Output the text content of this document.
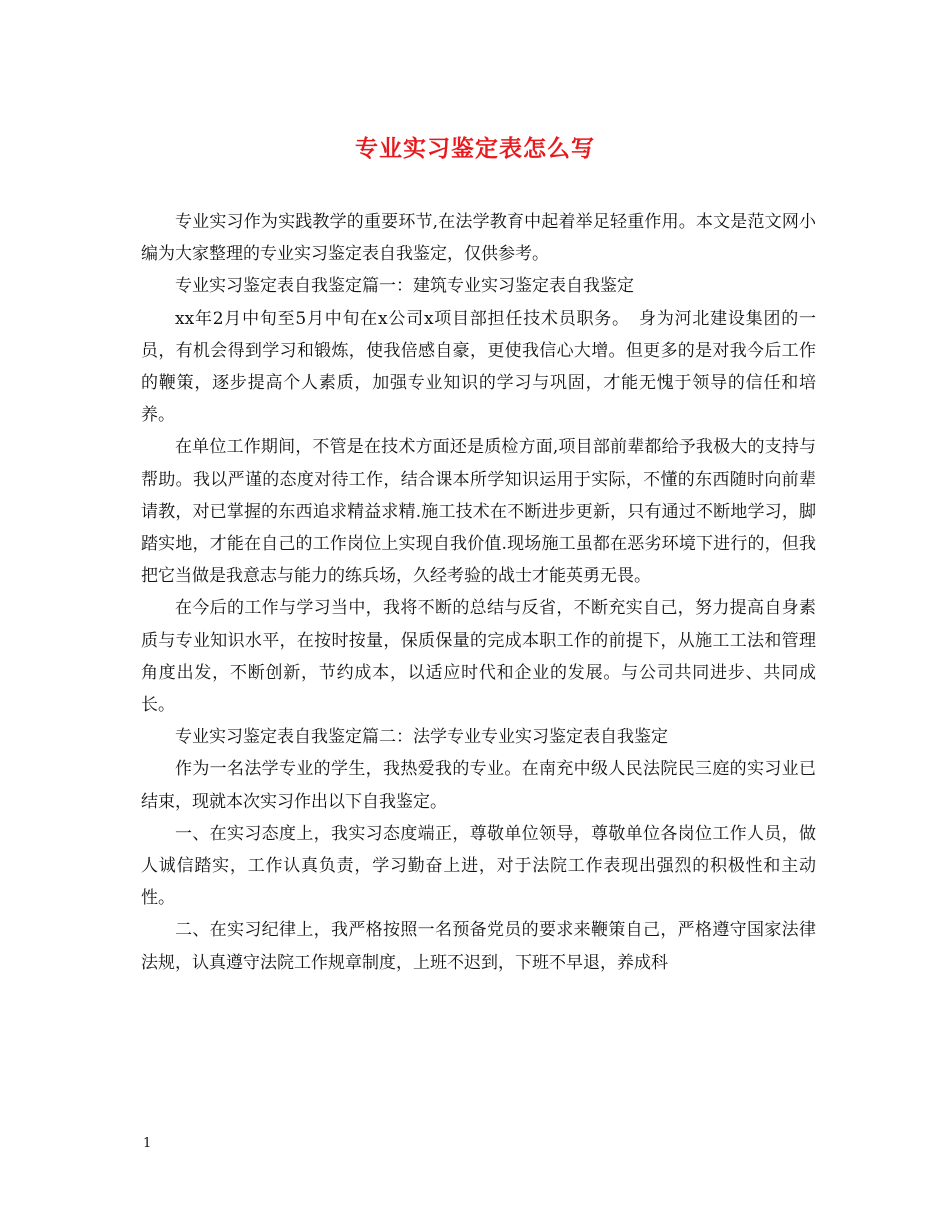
专业实习鉴定表怎么写

专业实习作为实践教学的重要环节,在法学教育中起着举足轻重作用。本文是范文网小编为大家整理的专业实习鉴定表自我鉴定，仅供参考。

专业实习鉴定表自我鉴定篇一：建筑专业实习鉴定表自我鉴定

xx年2月中旬至5月中旬在x公司x项目部担任技术员职务。　身为河北建设集团的一员，有机会得到学习和锻炼，使我倍感自豪，更使我信心大增。但更多的是对我今后工作的鞭策，逐步提高个人素质，加强专业知识的学习与巩固，才能无愧于领导的信任和培养。

在单位工作期间，不管是在技术方面还是质检方面,项目部前辈都给予我极大的支持与帮助。我以严谨的态度对待工作，结合课本所学知识运用于实际，不懂的东西随时向前辈请教，对已掌握的东西追求精益求精.施工技术在不断进步更新，只有通过不断地学习，脚踏实地，才能在自己的工作岗位上实现自我价值.现场施工虽都在恶劣环境下进行的，但我把它当做是我意志与能力的练兵场，久经考验的战士才能英勇无畏。

在今后的工作与学习当中，我将不断的总结与反省，不断充实自己，努力提高自身素质与专业知识水平，在按时按量，保质保量的完成本职工作的前提下，从施工工法和管理角度出发，不断创新，节约成本，以适应时代和企业的发展。与公司共同进步、共同成长。

专业实习鉴定表自我鉴定篇二：法学专业专业实习鉴定表自我鉴定

作为一名法学专业的学生，我热爱我的专业。在南充中级人民法院民三庭的实习业已结束，现就本次实习作出以下自我鉴定。

一、在实习态度上，我实习态度端正，尊敬单位领导，尊敬单位各岗位工作人员，做人诚信踏实，工作认真负责，学习勤奋上进，对于法院工作表现出强烈的积极性和主动性。

二、在实习纪律上，我严格按照一名预备党员的要求来鞭策自己，严格遵守国家法律法规，认真遵守法院工作规章制度，上班不迟到，下班不早退，养成科

1
